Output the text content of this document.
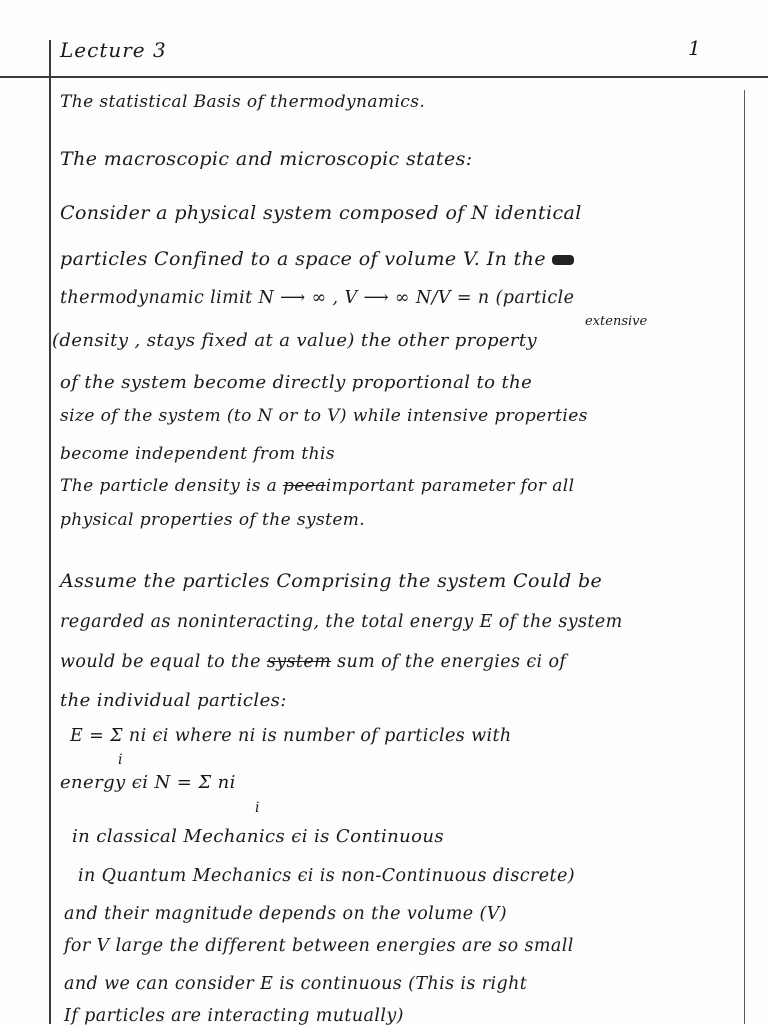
Lecture 3	1
The statistical Basis of thermodynamics.
The macroscopic and microscopic states:
Consider a physical system composed of N identical
particles Confined to a space of volume V. In the
extensive
thermodynamic limit N ⟶ ∞ , V ⟶ ∞ N/V = n (particle
(density , stays fixed at a value) the other property
of the system become directly proportional to the
size of the system (to N or to V) while intensive properties
become independent from this
The particle density is a peeaimportant parameter for all
physical properties of the system.
Assume the particles Comprising the system Could be
regarded as noninteracting, the total energy E of the system
would be equal to the system sum of the energies ϵi of
the individual particles:
E = Σ ni ϵi where ni is number of particles with
i
energy ϵi N = Σ ni
i
in classical Mechanics ϵi is Continuous
in Quantum Mechanics ϵi is non-Continuous discrete)
and their magnitude depends on the volume (V)
for V large the different between energies are so small
and we can consider E is continuous (This is right
If particles are interacting mutually)
